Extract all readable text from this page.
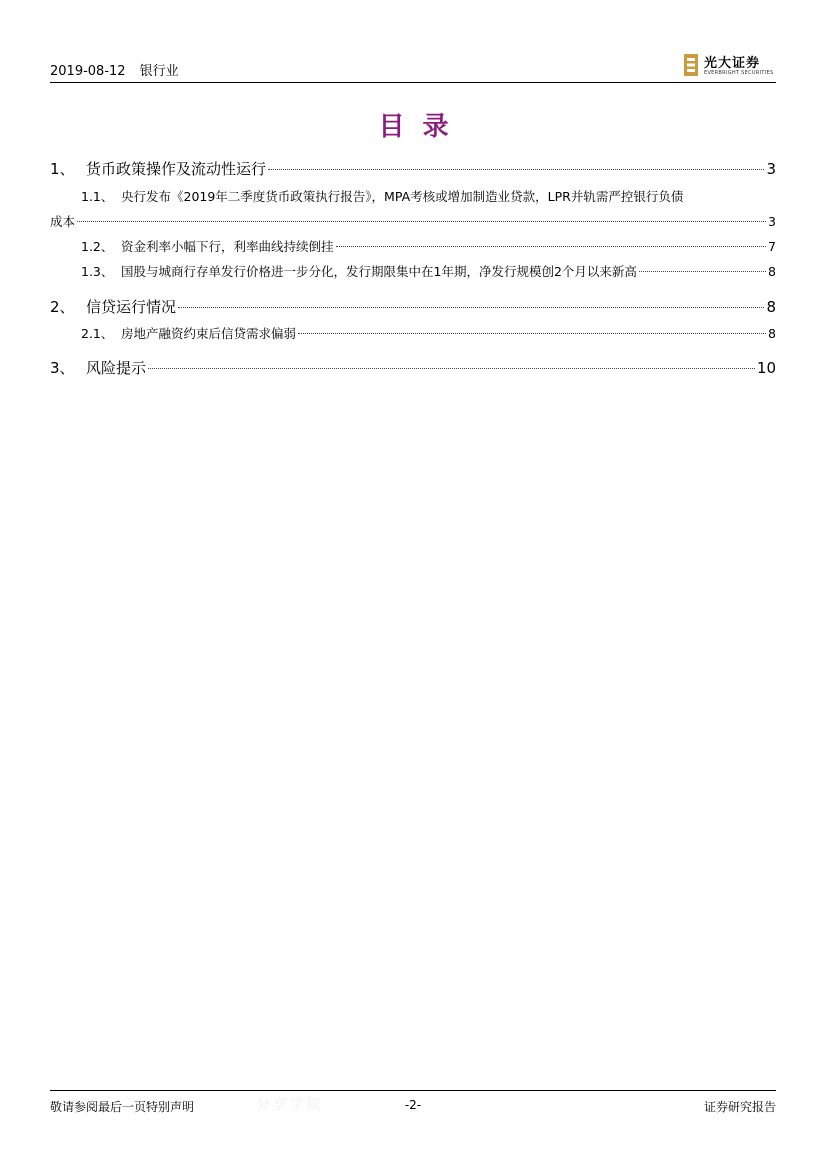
2019-08-12 银行业
光大证券
EVERBRIGHT SECURITIES
目录
1、 货币政策操作及流动性运行	3
1.1、 央行发布《2019年二季度货币政策执行报告》，MPA考核或增加制造业贷款，LPR并轨需严控银行负债
成本	3
1.2、 资金利率小幅下行，利率曲线持续倒挂	7
1.3、 国股与城商行存单发行价格进一步分化，发行期限集中在1年期，净发行规模创2个月以来新高	8
2、 信贷运行情况	8
2.1、 房地产融资约束后信贷需求偏弱	8
3、 风险提示	10
分享学院
敬请参阅最后一页特别声明	-2-	证券研究报告
